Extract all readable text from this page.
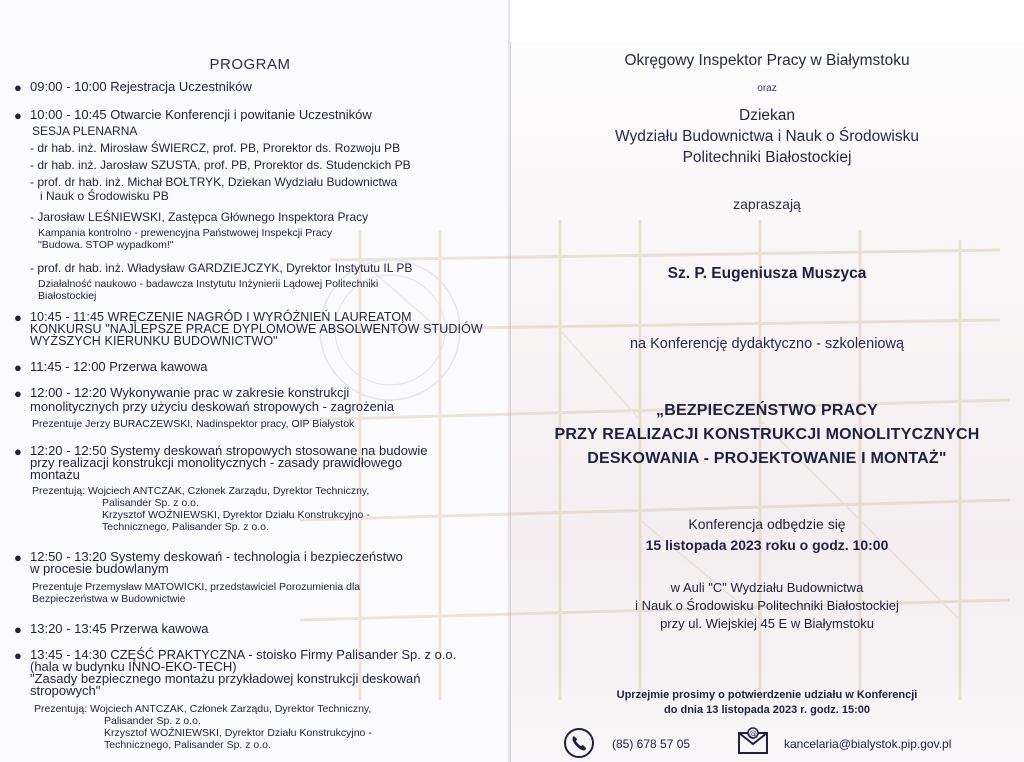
PROGRAM
● 09:00 - 10:00 Rejestracja Uczestników
● 10:00 - 10:45 Otwarcie Konferencji i powitanie Uczestników
SESJA PLENARNA
- dr hab. inż. Mirosław ŚWIERCZ, prof. PB, Prorektor ds. Rozwoju PB
- dr hab. inż. Jarosław SZUSTA, prof. PB, Prorektor ds. Studenckich PB
- prof. dr hab. inż. Michał BOŁTRYK, Dziekan Wydziału Budownictwa
i Nauk o Środowisku PB
- Jarosław LEŚNIEWSKI, Zastępca Głównego Inspektora Pracy
Kampania kontrolno - prewencyjna Państwowej Inspekcji Pracy
"Budowa. STOP wypadkom!"
- prof. dr hab. inż. Władysław GARDZIEJCZYK, Dyrektor Instytutu IL PB
Działalność naukowo - badawcza Instytutu Inżynierii Lądowej Politechniki
Białostockiej
● 10:45 - 11:45 WRĘCZENIE NAGRÓD I WYRÓŻNIEŃ LAUREATOM
KONKURSU "NAJLEPSZE PRACE DYPLOMOWE ABSOLWENTÓW STUDIÓW
WYŻSZYCH KIERUNKU BUDOWNICTWO"
● 11:45 - 12:00 Przerwa kawowa
● 12:00 - 12:20 Wykonywanie prac w zakresie konstrukcji
monolitycznych przy użyciu deskowań stropowych - zagrożenia
Prezentuje Jerzy BURACZEWSKI, Nadinspektor pracy, OIP Białystok
● 12:20 - 12:50 Systemy deskowań stropowych stosowane na budowie
przy realizacji konstrukcji monolitycznych - zasady prawidłowego
montażu
Prezentują: Wojciech ANTCZAK, Członek Zarządu, Dyrektor Techniczny,
Palisander Sp. z o.o.
Krzysztof WOŹNIEWSKI, Dyrektor Działu Konstrukcyjno -
Technicznego, Palisander Sp. z o.o.
● 12:50 - 13:20 Systemy deskowań - technologia i bezpieczeństwo
w procesie budowlanym
Prezentuje Przemysław MATOWICKI, przedstawiciel Porozumienia dla
Bezpieczeństwa w Budownictwie
● 13:20 - 13:45 Przerwa kawowa
● 13:45 - 14:30 CZĘŚĆ PRAKTYCZNA - stoisko Firmy Palisander Sp. z o.o.
(hala w budynku INNO-EKO-TECH)
"Zasady bezpiecznego montażu przykładowej konstrukcji deskowań
stropowych"
Prezentują: Wojciech ANTCZAK, Członek Zarządu, Dyrektor Techniczny,
Palisander Sp. z o.o.
Krzysztof WOŹNIEWSKI, Dyrektor Działu Konstrukcyjno -
Technicznego, Palisander Sp. z o.o.
Okręgowy Inspektor Pracy w Białymstoku
oraz
Dziekan
Wydziału Budownictwa i Nauk o Środowisku
Politechniki Białostockiej
zapraszają
Sz. P. Eugeniusza Muszyca
na Konferencję dydaktyczno - szkoleniową
„BEZPIECZEŃSTWO PRACY
PRZY REALIZACJI KONSTRUKCJI MONOLITYCZNYCH
DESKOWANIA - PROJEKTOWANIE I MONTAŻ"
Konferencja odbędzie się
15 listopada 2023 roku o godz. 10:00
w Auli "C" Wydziału Budownictwa
i Nauk o Środowisku Politechniki Białostockiej
przy ul. Wiejskiej 45 E w Białymstoku
Uprzejmie prosimy o potwierdzenie udziału w Konferencji
do dnia 13 listopada 2023 r. godz. 15:00
(85) 678 57 05
@
kancelaria@bialystok.pip.gov.pl
